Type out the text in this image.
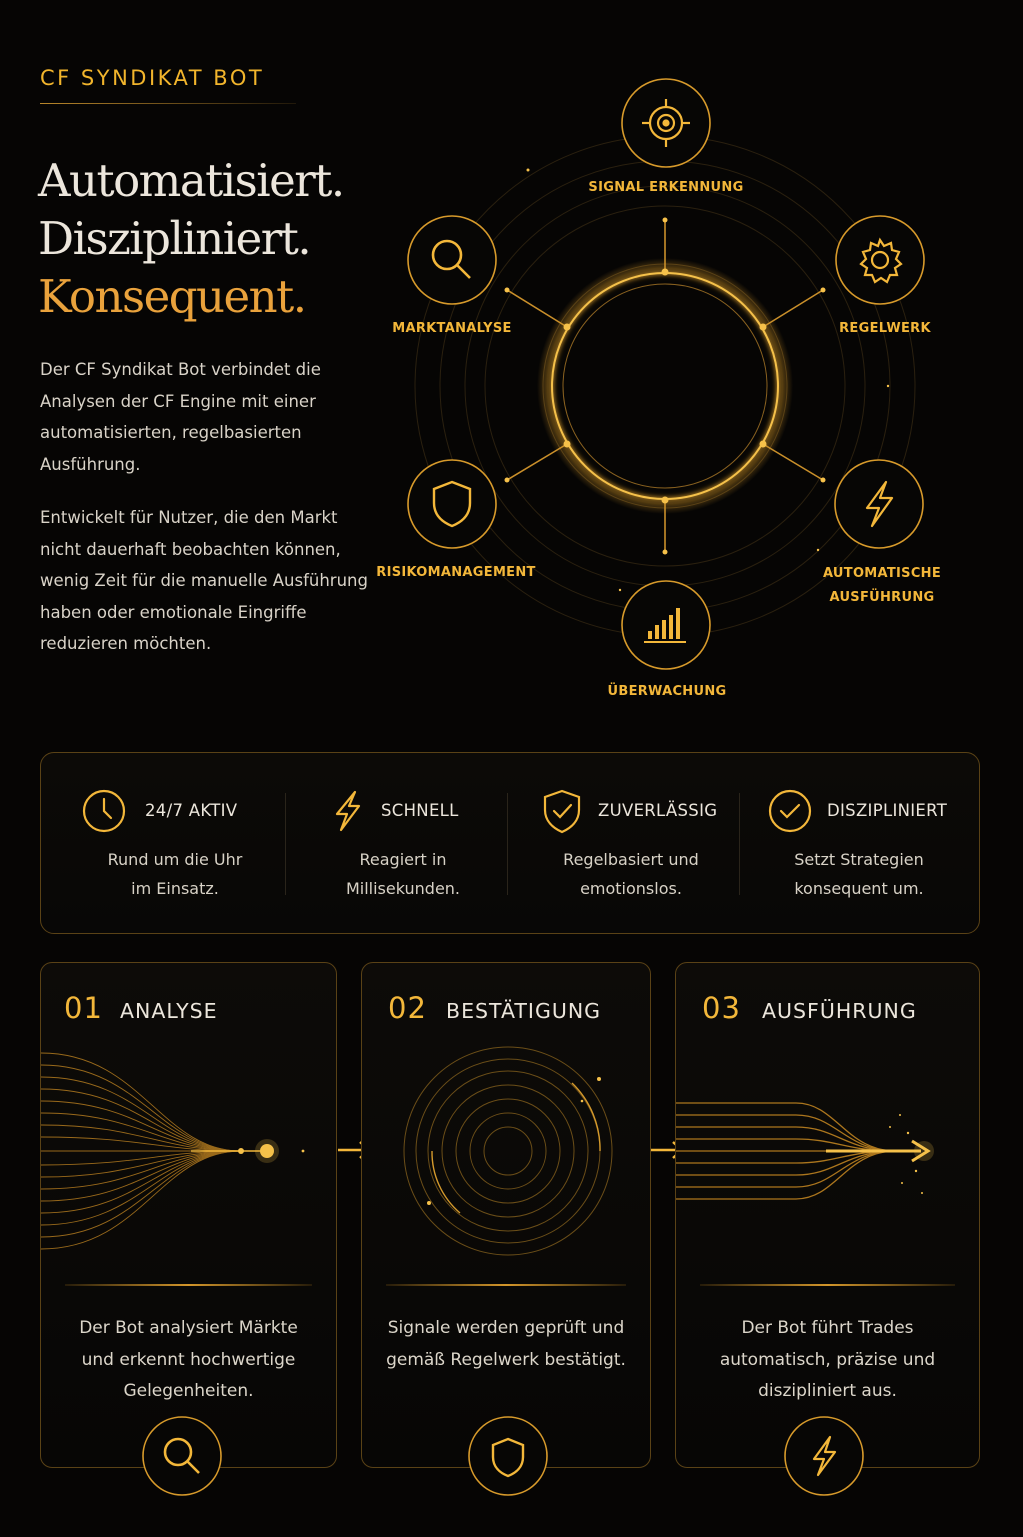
CF SYNDIKAT BOT
Automatisiert.
Diszipliniert.
Konsequent.

Der CF Syndikat Bot verbindet die Analysen der CF Engine mit einer automatisierten, regelbasierten Ausführung.

Entwickelt für Nutzer, die den Markt nicht dauerhaft beobachten können, wenig Zeit für die manuelle Ausführung haben oder emotionale Eingriffe reduzieren möchten.

SIGNAL ERKENNUNG
MARKTANALYSE	REGELWERK
RISIKOMANAGEMENT	AUTOMATISCHE
AUSFÜHRUNG
ÜBERWACHUNG
24/7 AKTIV
Rund um die Uhr
im Einsatz.
SCHNELL
Reagiert in
Millisekunden.
ZUVERLÄSSIG
Regelbasiert und
emotionslos.
DISZIPLINIERT
Setzt Strategien
konsequent um.
01 ANALYSE
Der Bot analysiert Märkte
und erkennt hochwertige
Gelegenheiten.
02 BESTÄTIGUNG
Signale werden geprüft und
gemäß Regelwerk bestätigt.
03 AUSFÜHRUNG
Der Bot führt Trades
automatisch, präzise und
diszipliniert aus.
